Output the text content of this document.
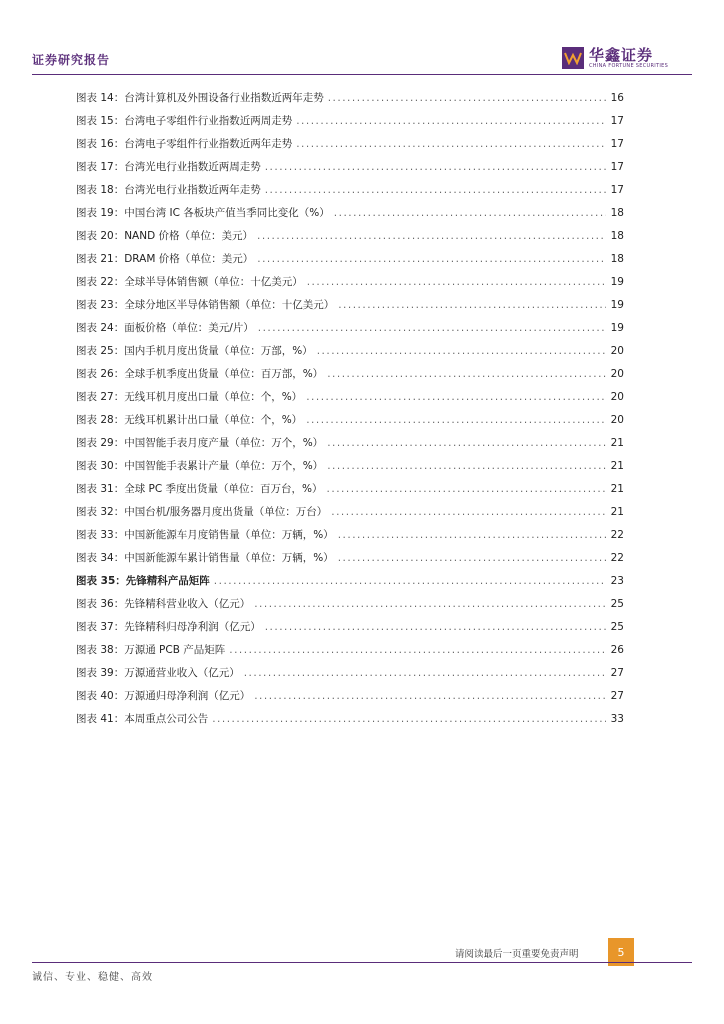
证券研究报告	华鑫证券
CHINA FORTUNE SECURITIES
图表 14：台湾计算机及外围设备行业指数近两年走势 .....	16
图表 15：台湾电子零组件行业指数近两周走势 .....	17
图表 16：台湾电子零组件行业指数近两年走势 .....	17
图表 17：台湾光电行业指数近两周走势 .....	17
图表 18：台湾光电行业指数近两年走势 .....	17
图表 19：中国台湾 IC 各板块产值当季同比变化（%） .....	18
图表 20：NAND 价格（单位：美元） .....	18
图表 21：DRAM 价格（单位：美元） .....	18
图表 22：全球半导体销售额（单位：十亿美元） .....	19
图表 23：全球分地区半导体销售额（单位：十亿美元） .....	19
图表 24：面板价格（单位：美元/片） .....	19
图表 25：国内手机月度出货量（单位：万部，%） .....	20
图表 26：全球手机季度出货量（单位：百万部，%） .....	20
图表 27：无线耳机月度出口量（单位：个，%） .....	20
图表 28：无线耳机累计出口量（单位：个，%） .....	20
图表 29：中国智能手表月度产量（单位：万个，%） .....	21
图表 30：中国智能手表累计产量（单位：万个，%） .....	21
图表 31：全球 PC 季度出货量（单位：百万台，%） .....	21
图表 32：中国台机/服务器月度出货量（单位：万台） .....	21
图表 33：中国新能源车月度销售量（单位：万辆，%） .....	22
图表 34：中国新能源车累计销售量（单位：万辆，%） .....	22
图表 35：先锋精科产品矩阵 .....	23
图表 36：先锋精科营业收入（亿元） .....	25
图表 37：先锋精科归母净利润（亿元） .....	25
图表 38：万源通 PCB 产品矩阵 .....	26
图表 39：万源通营业收入（亿元） .....	27
图表 40：万源通归母净利润（亿元） .....	27
图表 41：本周重点公司公告 .....	33
请阅读最后一页重要免责声明	5
诚信、专业、稳健、高效
